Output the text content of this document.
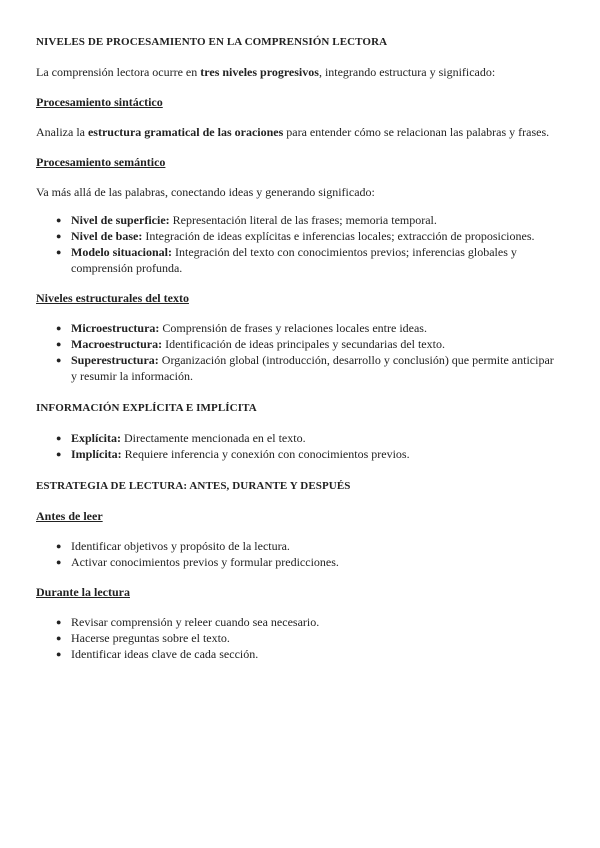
NIVELES DE PROCESAMIENTO EN LA COMPRENSIÓN LECTORA

La comprensión lectora ocurre en tres niveles progresivos, integrando estructura y significado:

Procesamiento sintáctico

Analiza la estructura gramatical de las oraciones para entender cómo se relacionan las palabras y frases.

Procesamiento semántico

Va más allá de las palabras, conectando ideas y generando significado:

● Nivel de superficie: Representación literal de las frases; memoria temporal.
● Nivel de base: Integración de ideas explícitas e inferencias locales; extracción de proposiciones.
● Modelo situacional: Integración del texto con conocimientos previos; inferencias globales y comprensión profunda.

Niveles estructurales del texto

● Microestructura: Comprensión de frases y relaciones locales entre ideas.
● Macroestructura: Identificación de ideas principales y secundarias del texto.
● Superestructura: Organización global (introducción, desarrollo y conclusión) que permite anticipar y resumir la información.

INFORMACIÓN EXPLÍCITA E IMPLÍCITA

● Explícita: Directamente mencionada en el texto.
● Implícita: Requiere inferencia y conexión con conocimientos previos.

ESTRATEGIA DE LECTURA: ANTES, DURANTE Y DESPUÉS

Antes de leer

● Identificar objetivos y propósito de la lectura.
● Activar conocimientos previos y formular predicciones.

Durante la lectura

● Revisar comprensión y releer cuando sea necesario.
● Hacerse preguntas sobre el texto.
● Identificar ideas clave de cada sección.
